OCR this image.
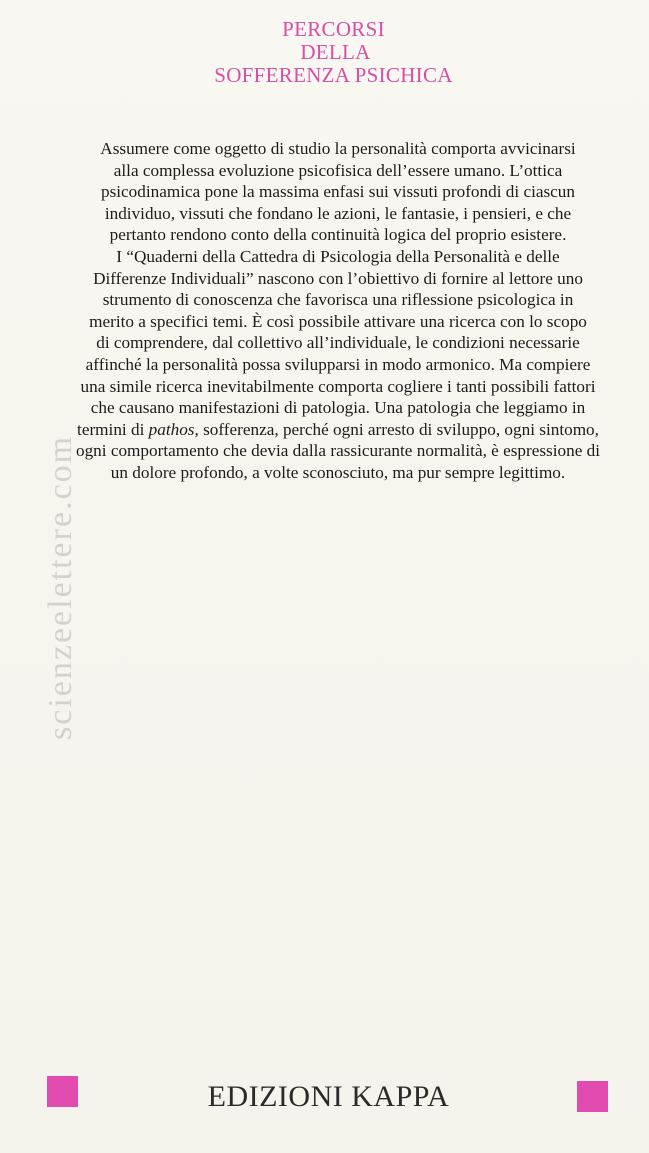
PERCORSI
DELLA
SOFFERENZA PSICHICA
Assumere come oggetto di studio la personalità comporta avvicinarsi
alla complessa evoluzione psicofisica dell’essere umano. L’ottica
psicodinamica pone la massima enfasi sui vissuti profondi di ciascun
individuo, vissuti che fondano le azioni, le fantasie, i pensieri, e che
pertanto rendono conto della continuità logica del proprio esistere.
I “Quaderni della Cattedra di Psicologia della Personalità e delle
Differenze Individuali” nascono con l’obiettivo di fornire al lettore uno
strumento di conoscenza che favorisca una riflessione psicologica in
merito a specifici temi. È così possibile attivare una ricerca con lo scopo
di comprendere, dal collettivo all’individuale, le condizioni necessarie
affinché la personalità possa svilupparsi in modo armonico. Ma compiere
una simile ricerca inevitabilmente comporta cogliere i tanti possibili fattori
che causano manifestazioni di patologia. Una patologia che leggiamo in
termini di pathos, sofferenza, perché ogni arresto di sviluppo, ogni sintomo,
ogni comportamento che devia dalla rassicurante normalità, è espressione di
un dolore profondo, a volte sconosciuto, ma pur sempre legittimo.
scienzeelettere.com
EDIZIONI KAPPA
